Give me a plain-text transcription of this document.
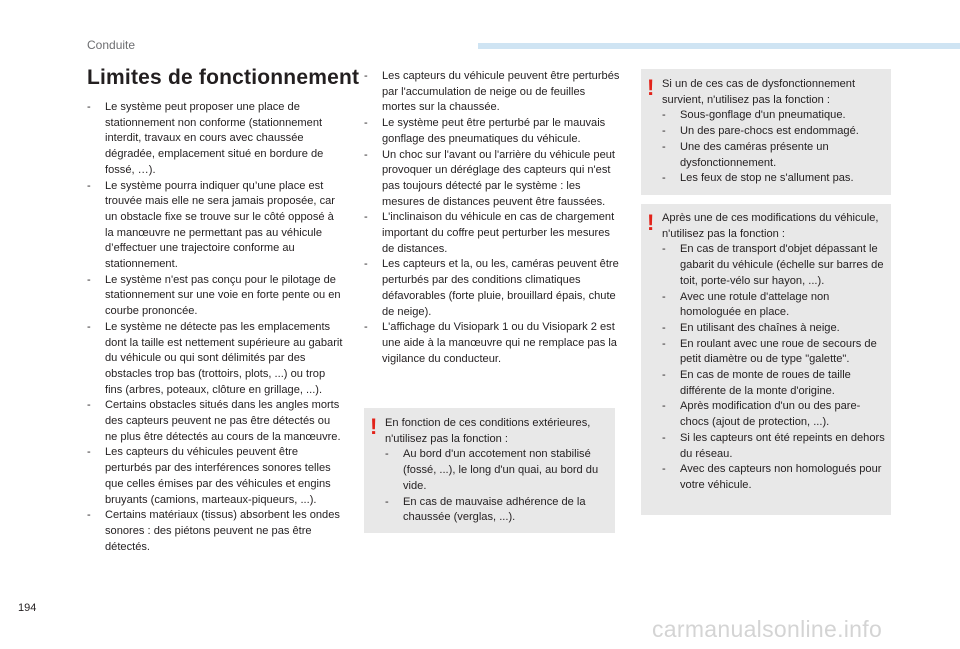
Conduite
Limites de fonctionnement
- Le système peut proposer une place de stationnement non conforme (stationnement interdit, travaux en cours avec chaussée dégradée, emplacement situé en bordure de fossé, …).
- Le système pourra indiquer qu’une place est trouvée mais elle ne sera jamais proposée, car un obstacle fixe se trouve sur le côté opposé à la manœuvre ne permettant pas au véhicule d’effectuer une trajectoire conforme au stationnement.
- Le système n'est pas conçu pour le pilotage de stationnement sur une voie en forte pente ou en courbe prononcée.
- Le système ne détecte pas les emplacements dont la taille est nettement supérieure au gabarit du véhicule ou qui sont délimités par des obstacles trop bas (trottoirs, plots, ...) ou trop fins (arbres, poteaux, clôture en grillage, ...).
- Certains obstacles situés dans les angles morts des capteurs peuvent ne pas être détectés ou ne plus être détectés au cours de la manœuvre.
- Les capteurs du véhicules peuvent être perturbés par des interférences sonores telles que celles émises par des véhicules et engins bruyants (camions, marteaux-piqueurs, ...).
- Certains matériaux (tissus) absorbent les ondes sonores : des piétons peuvent ne pas être détectés.
- Les capteurs du véhicule peuvent être perturbés par l'accumulation de neige ou de feuilles mortes sur la chaussée.
- Le système peut être perturbé par le mauvais gonflage des pneumatiques du véhicule.
- Un choc sur l'avant ou l'arrière du véhicule peut provoquer un déréglage des capteurs qui n'est pas toujours détecté par le système : les mesures de distances peuvent être faussées.
- L'inclinaison du véhicule en cas de chargement important du coffre peut perturber les mesures de distances.
- Les capteurs et la, ou les, caméras peuvent être perturbés par des conditions climatiques défavorables (forte pluie, brouillard épais, chute de neige).
- L'affichage du Visiopark 1 ou du Visiopark 2 est une aide à la manœuvre qui ne remplace pas la vigilance du conducteur.
! En fonction de ces conditions extérieures, n'utilisez pas la fonction :

- Au bord d'un accotement non stabilisé (fossé, ...), le long d'un quai, au bord du vide.
- En cas de mauvaise adhérence de la chaussée (verglas, ...).
! Si un de ces cas de dysfonctionnement survient, n'utilisez pas la fonction :

- Sous-gonflage d'un pneumatique.
- Un des pare-chocs est endommagé.
- Une des caméras présente un dysfonctionnement.
- Les feux de stop ne s'allument pas.
! Après une de ces modifications du véhicule, n'utilisez pas la fonction :

- En cas de transport d'objet dépassant le gabarit du véhicule (échelle sur barres de toit, porte-vélo sur hayon, ...).
- Avec une rotule d'attelage non homologuée en place.
- En utilisant des chaînes à neige.
- En roulant avec une roue de secours de petit diamètre ou de type "galette".
- En cas de monte de roues de taille différente de la monte d'origine.
- Après modification d'un ou des pare-chocs (ajout de protection, ...).
- Si les capteurs ont été repeints en dehors du réseau.
- Avec des capteurs non homologués pour votre véhicule.
194
carmanualsonline.info
